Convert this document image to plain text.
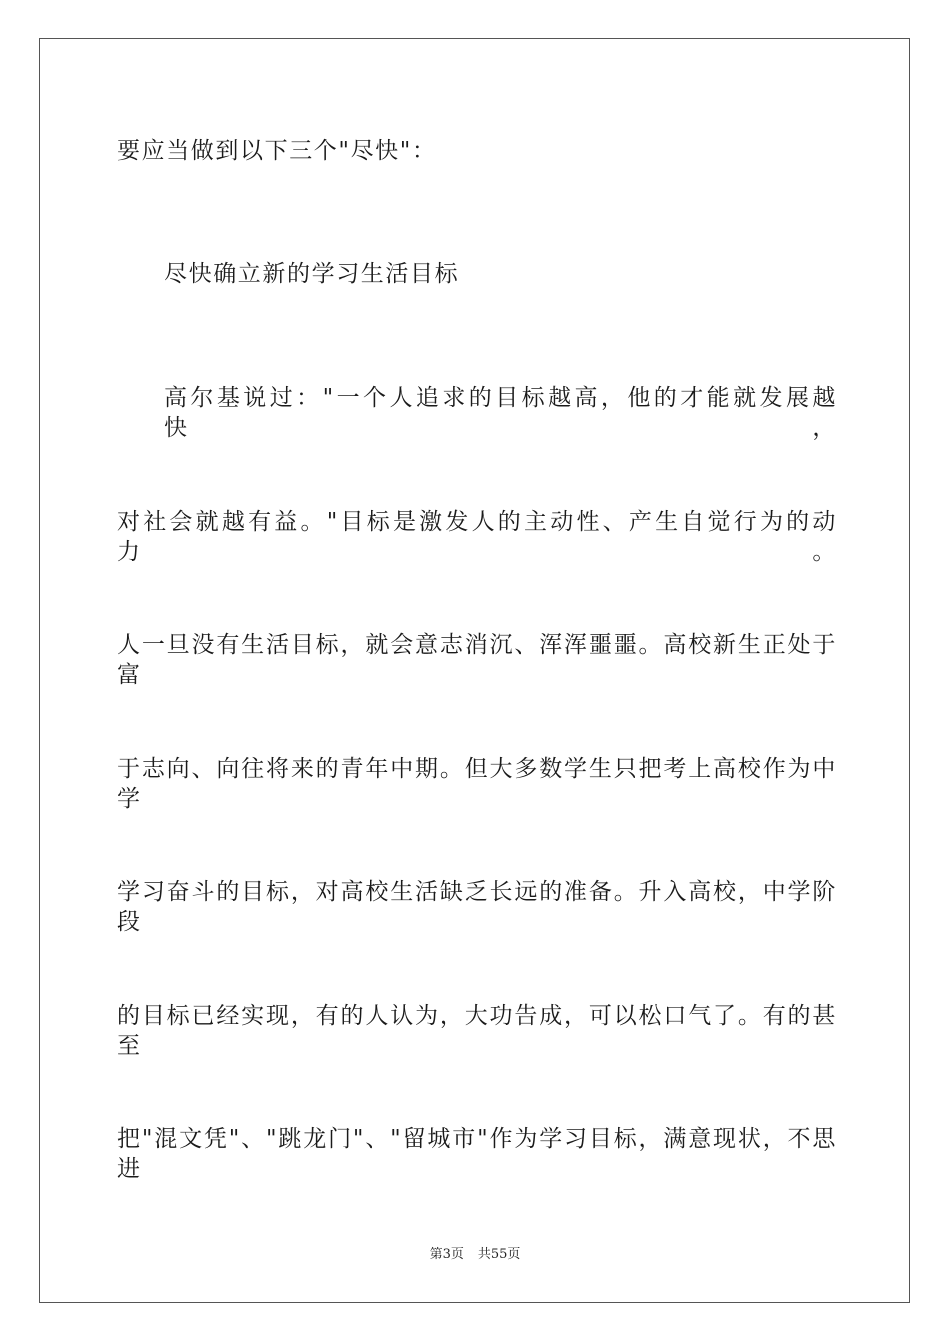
要应当做到以下三个"尽快"：

尽快确立新的学习生活目标

高尔基说过："一个人追求的目标越高，他的才能就发展越快，

对社会就越有益。"目标是激发人的主动性、产生自觉行为的动力。

人一旦没有生活目标，就会意志消沉、浑浑噩噩。高校新生正处于富

于志向、向往将来的青年中期。但大多数学生只把考上高校作为中学

学习奋斗的目标，对高校生活缺乏长远的准备。升入高校，中学阶段

的目标已经实现，有的人认为，大功告成，可以松口气了。有的甚至

把"混文凭"、"跳龙门"、"留城市"作为学习目标，满意现状，不思进

第3页 共55页
